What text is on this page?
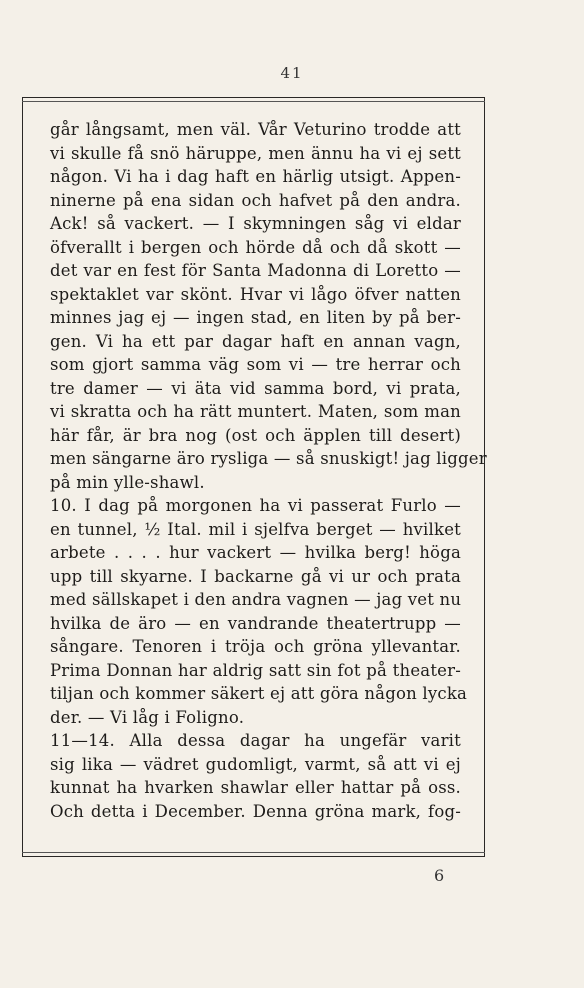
41
går långsamt, men väl. Vår Veturino trodde att
vi skulle få snö häruppe, men ännu ha vi ej sett
någon. Vi ha i dag haft en härlig utsigt. Appen-
ninerne på ena sidan och hafvet på den andra.
Ack! så vackert. — I skymningen såg vi eldar
öfverallt i bergen och hörde då och då skott —
det var en fest för Santa Madonna di Loretto —
spektaklet var skönt. Hvar vi lågo öfver natten
minnes jag ej — ingen stad, en liten by på ber-
gen. Vi ha ett par dagar haft en annan vagn,
som gjort samma väg som vi — tre herrar och
tre damer — vi äta vid samma bord, vi prata,
vi skratta och ha rätt muntert. Maten, som man
här får, är bra nog (ost och äpplen till desert)
men sängarne äro rysliga — så snuskigt! jag ligger
på min ylle-shawl.
10. I dag på morgonen ha vi passerat Furlo —
en tunnel, ½ Ital. mil i sjelfva berget — hvilket
arbete . . . . hur vackert — hvilka berg! höga
upp till skyarne. I backarne gå vi ur och prata
med sällskapet i den andra vagnen — jag vet nu
hvilka de äro — en vandrande theatertrupp —
sångare. Tenoren i tröja och gröna yllevantar.
Prima Donnan har aldrig satt sin fot på theater-
tiljan och kommer säkert ej att göra någon lycka
der. — Vi låg i Foligno.
11—14. Alla dessa dagar ha ungefär varit
sig lika — vädret gudomligt, varmt, så att vi ej
kunnat ha hvarken shawlar eller hattar på oss.
Och detta i December. Denna gröna mark, fog-
6
